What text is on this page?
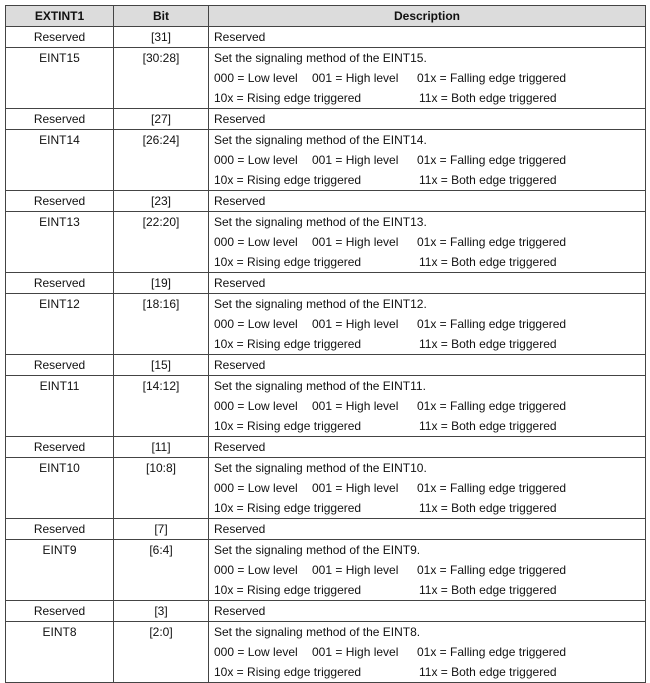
EXTINT1	Bit	Description
Reserved	[31]	Reserved
EINT15	[30:28]	Set the signaling method of the EINT15.
000 = Low level 001 = High level 01x = Falling edge triggered
10x = Rising edge triggered 11x = Both edge triggered

Reserved	[27]	Reserved
EINT14	[26:24]	Set the signaling method of the EINT14.
000 = Low level 001 = High level 01x = Falling edge triggered
10x = Rising edge triggered 11x = Both edge triggered

Reserved	[23]	Reserved
EINT13	[22:20]	Set the signaling method of the EINT13.
000 = Low level 001 = High level 01x = Falling edge triggered
10x = Rising edge triggered 11x = Both edge triggered

Reserved	[19]	Reserved
EINT12	[18:16]	Set the signaling method of the EINT12.
000 = Low level 001 = High level 01x = Falling edge triggered
10x = Rising edge triggered 11x = Both edge triggered

Reserved	[15]	Reserved
EINT11	[14:12]	Set the signaling method of the EINT11.
000 = Low level 001 = High level 01x = Falling edge triggered
10x = Rising edge triggered 11x = Both edge triggered

Reserved	[11]	Reserved
EINT10	[10:8]	Set the signaling method of the EINT10.
000 = Low level 001 = High level 01x = Falling edge triggered
10x = Rising edge triggered 11x = Both edge triggered

Reserved	[7]	Reserved
EINT9	[6:4]	Set the signaling method of the EINT9.
000 = Low level 001 = High level 01x = Falling edge triggered
10x = Rising edge triggered 11x = Both edge triggered

Reserved	[3]	Reserved
EINT8	[2:0]	Set the signaling method of the EINT8.
000 = Low level 001 = High level 01x = Falling edge triggered
10x = Rising edge triggered 11x = Both edge triggered
